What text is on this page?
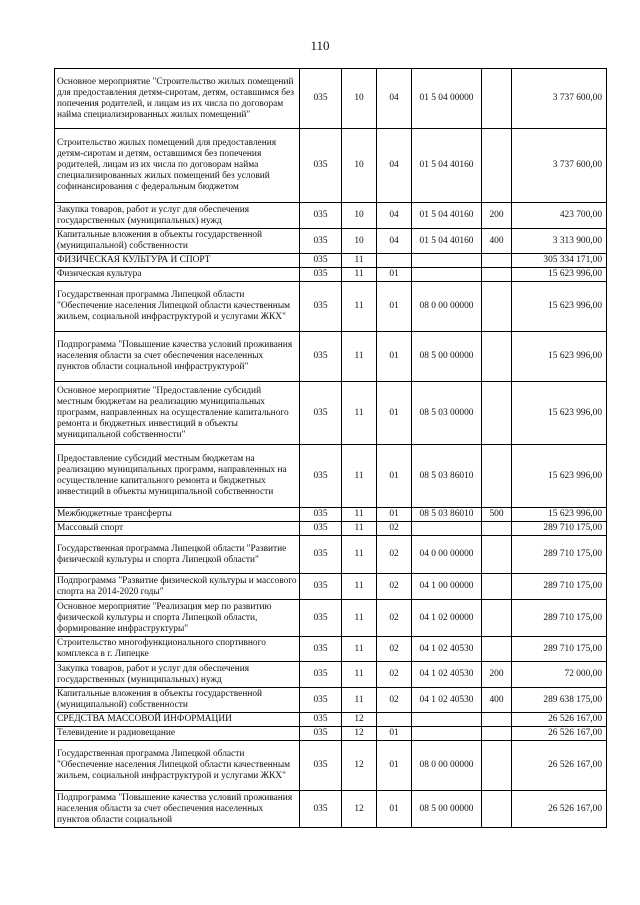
110
Основное мероприятие "Строительство жилых помещений для предоставления детям-сиротам, детям, оставшимся без попечения родителей, и лицам из их числа по договорам найма специализированных жилых помещений"	035	10	04	01 5 04 00000		3 737 600,00
Строительство жилых помещений для предоставления детям-сиротам и детям, оставшимся без попечения родителей, лицам из их числа по договорам найма специализированных жилых помещений без условий софинансирования с федеральным бюджетом	035	10	04	01 5 04 40160		3 737 600,00
Закупка товаров, работ и услуг для обеспечения государственных (муниципальных) нужд	035	10	04	01 5 04 40160	200	423 700,00
Капитальные вложения в объекты государственной (муниципальной) собственности	035	10	04	01 5 04 40160	400	3 313 900,00
ФИЗИЧЕСКАЯ КУЛЬТУРА И СПОРТ	035	11				305 334 171,00
Физическая культура	035	11	01			15 623 996,00
Государственная программа Липецкой области "Обеспечение населения Липецкой области качественным жильем, социальной инфраструктурой и услугами ЖКХ"	035	11	01	08 0 00 00000		15 623 996,00
Подпрограмма "Повышение качества условий проживания населения области за счет обеспечения населенных пунктов области социальной инфраструктурой"	035	11	01	08 5 00 00000		15 623 996,00
Основное мероприятие "Предоставление субсидий местным бюджетам на реализацию муниципальных программ, направленных на осуществление капитального ремонта и бюджетных инвестиций в объекты муниципальной собственности"	035	11	01	08 5 03 00000		15 623 996,00
Предоставление субсидий местным бюджетам на реализацию муниципальных программ, направленных на осуществление капитального ремонта и бюджетных инвестиций в объекты муниципальной собственности	035	11	01	08 5 03 86010		15 623 996,00
Межбюджетные трансферты	035	11	01	08 5 03 86010	500	15 623 996,00
Массовый спорт	035	11	02			289 710 175,00
Государственная программа Липецкой области "Развитие физической культуры и спорта Липецкой области"	035	11	02	04 0 00 00000		289 710 175,00
Подпрограмма "Развитие физической культуры и массового спорта на 2014-2020 годы"	035	11	02	04 1 00 00000		289 710 175,00
Основное мероприятие "Реализация мер по развитию физической культуры и спорта Липецкой области, формирование инфраструктуры"	035	11	02	04 1 02 00000		289 710 175,00
Строительство многофункционального спортивного комплекса в г. Липецке	035	11	02	04 1 02 40530		289 710 175,00
Закупка товаров, работ и услуг для обеспечения государственных (муниципальных) нужд	035	11	02	04 1 02 40530	200	72 000,00
Капитальные вложения в объекты государственной (муниципальной) собственности	035	11	02	04 1 02 40530	400	289 638 175,00
СРЕДСТВА МАССОВОЙ ИНФОРМАЦИИ	035	12				26 526 167,00
Телевидение и радиовещание	035	12	01			26 526 167,00
Государственная программа Липецкой области "Обеспечение населения Липецкой области качественным жильем, социальной инфраструктурой и услугами ЖКХ"	035	12	01	08 0 00 00000		26 526 167,00
Подпрограмма "Повышение качества условий проживания населения области за счет обеспечения населенных пунктов области социальной	035	12	01	08 5 00 00000		26 526 167,00
